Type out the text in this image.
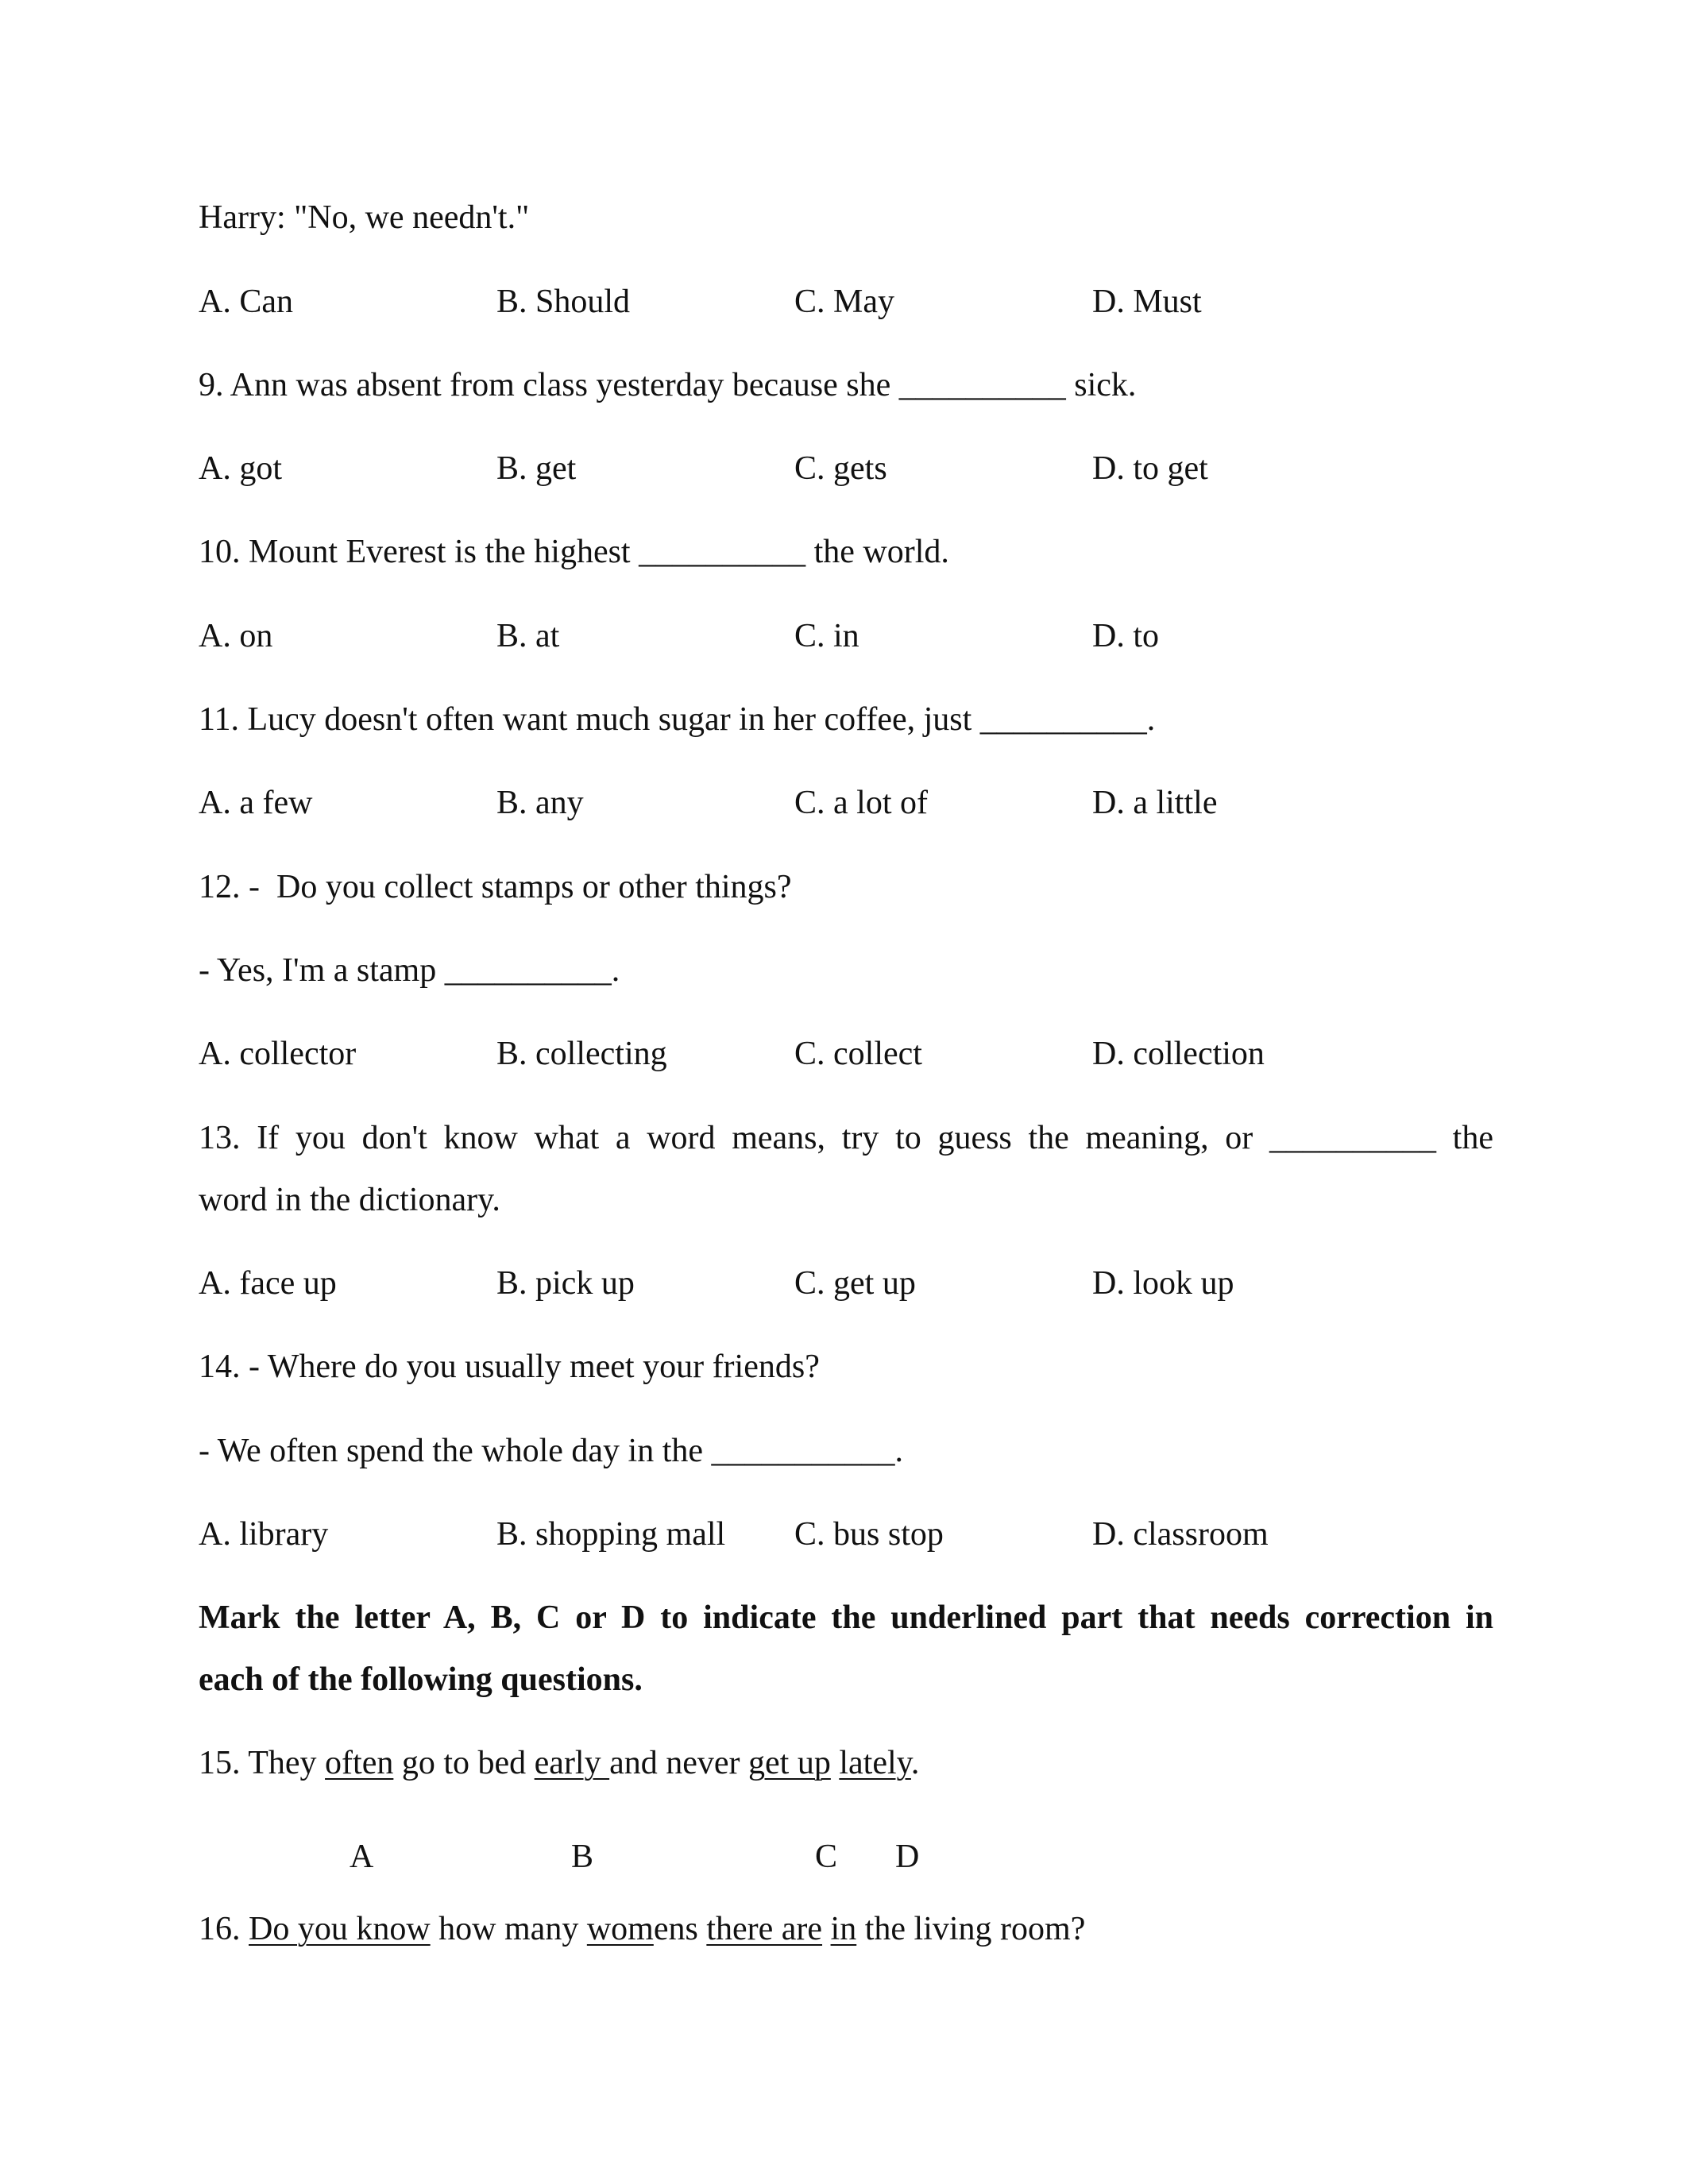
Harry: "No, we needn't."
A. Can	B. Should	C. May	D. Must
9. Ann was absent from class yesterday because she __________ sick.
A. got	B. get	C. gets	D. to get
10. Mount Everest is the highest __________ the world.
A. on	B. at	C. in	D. to
11. Lucy doesn't often want much sugar in her coffee, just __________.
A. a few	B. any	C. a lot of	D. a little
12. -  Do you collect stamps or other things?
- Yes, I'm a stamp __________.
A. collector	B. collecting	C. collect	D. collection
13. If you don't know what a word means, try to guess the meaning, or __________ the
word in the dictionary.
A. face up	B. pick up	C. get up	D. look up
14. - Where do you usually meet your friends?
- We often spend the whole day in the ___________.
A. library	B. shopping mall C. bus stop	D. classroom
Mark the letter A, B, C or D to indicate the underlined part that needs correction in
each of the following questions.
15. They often go to bed early and never get up lately.
A	B	C D
16. Do you know how many womens there are in the living room?
